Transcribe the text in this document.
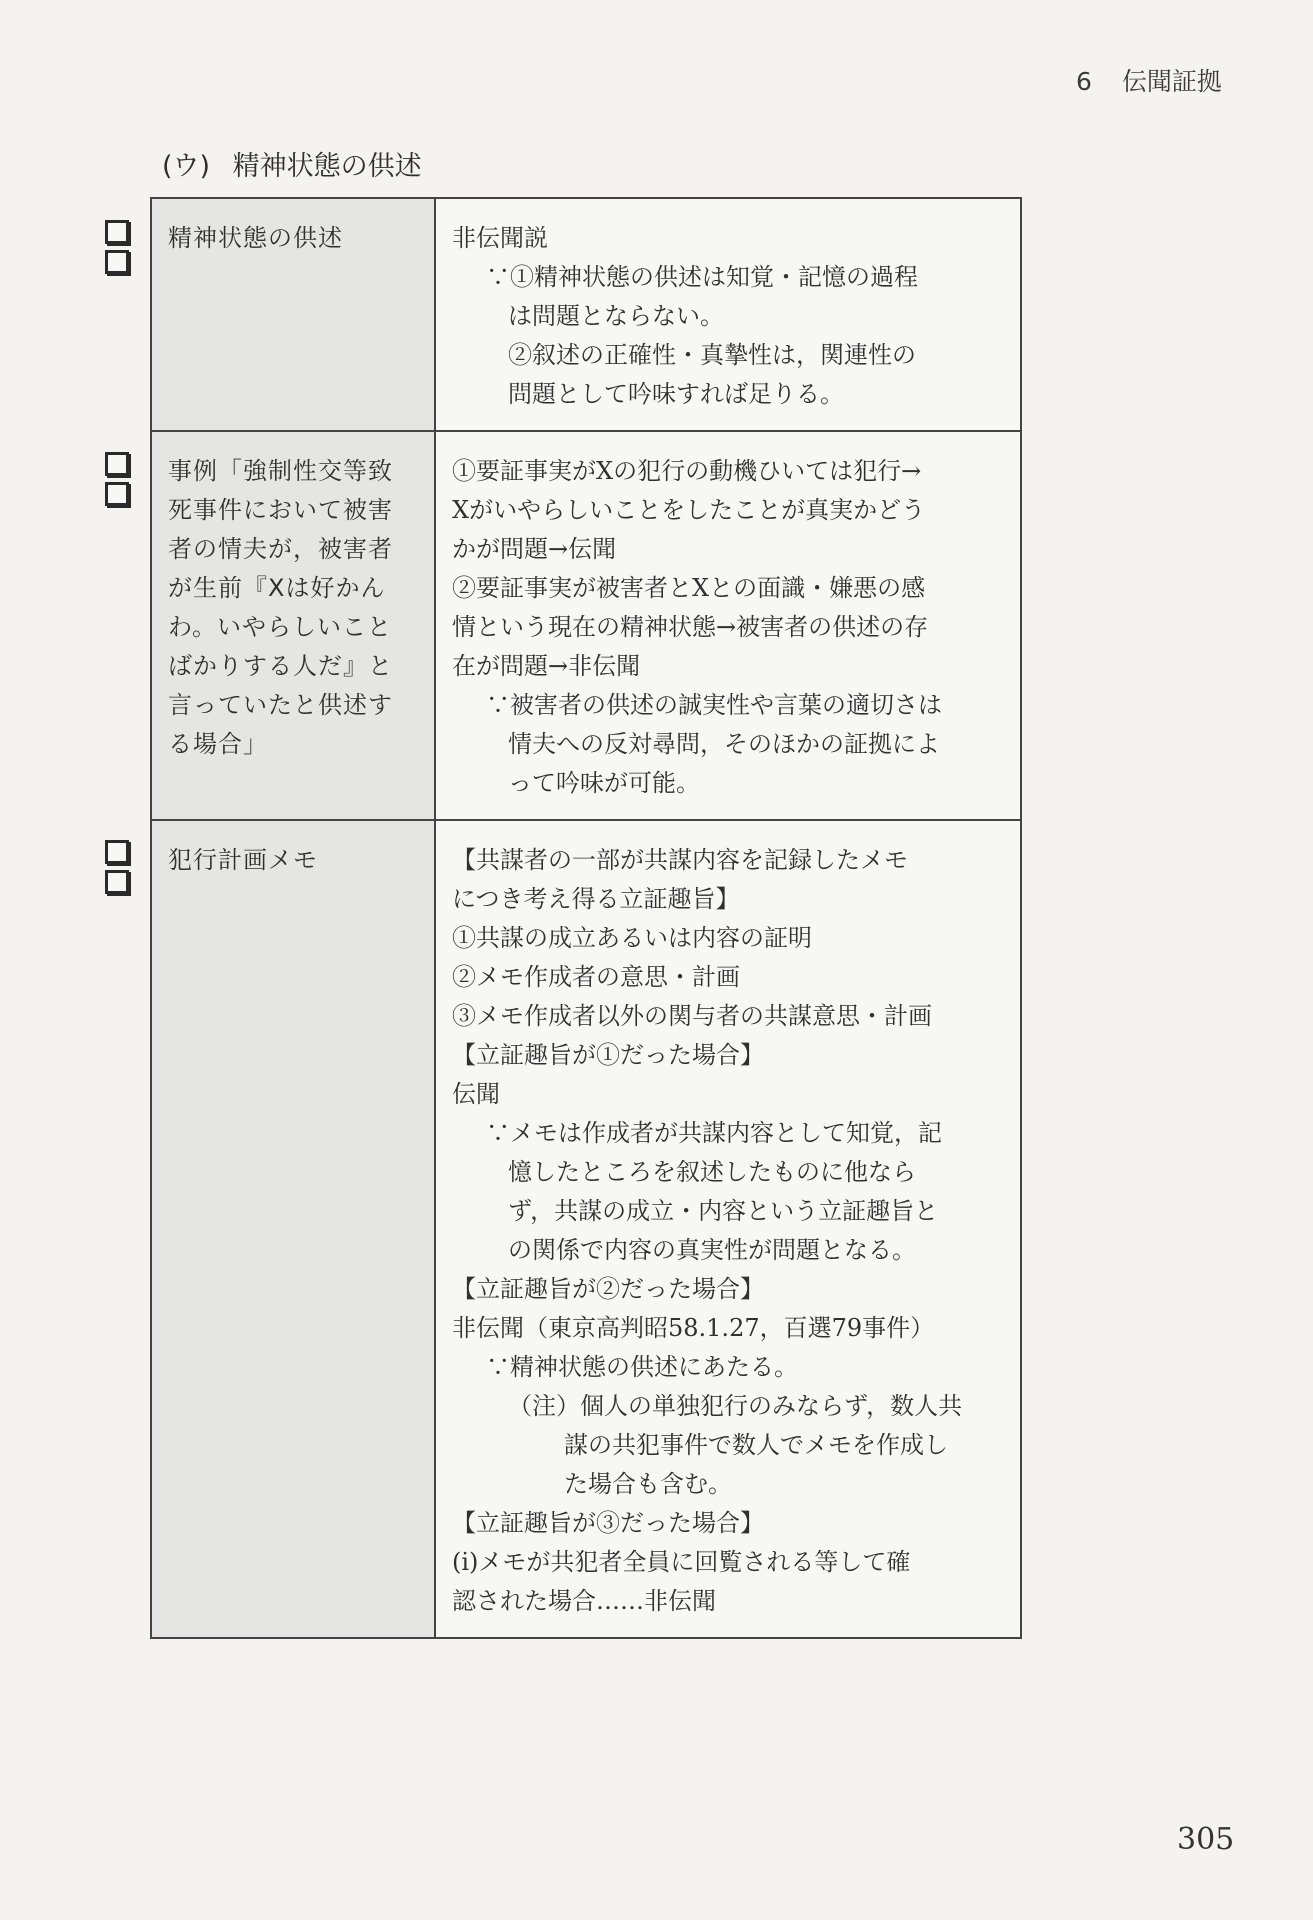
6 伝聞証拠
(ウ) 精神状態の供述
精神状態の供述	非伝聞説
∵①精神状態の供述は知覚・記憶の過程
は問題とならない。
②叙述の正確性・真摯性は，関連性の
問題として吟味すれば足りる。
事例「強制性交等致
死事件において被害
者の情夫が，被害者
が生前『Xは好かん
わ。いやらしいこと
ばかりする人だ』と
言っていたと供述す
る場合」
①要証事実がXの犯行の動機ひいては犯行→
Xがいやらしいことをしたことが真実かどう
かが問題→伝聞
②要証事実が被害者とXとの面識・嫌悪の感
情という現在の精神状態→被害者の供述の存
在が問題→非伝聞
∵被害者の供述の誠実性や言葉の適切さは
情夫への反対尋問，そのほかの証拠によ
って吟味が可能。
犯行計画メモ	【共謀者の一部が共謀内容を記録したメモ
につき考え得る立証趣旨】
①共謀の成立あるいは内容の証明
②メモ作成者の意思・計画
③メモ作成者以外の関与者の共謀意思・計画
【立証趣旨が①だった場合】
伝聞
∵メモは作成者が共謀内容として知覚，記
憶したところを叙述したものに他なら
ず，共謀の成立・内容という立証趣旨と
の関係で内容の真実性が問題となる。
【立証趣旨が②だった場合】
非伝聞（東京高判昭58.1.27，百選79事件）
∵精神状態の供述にあたる。
（注）個人の単独犯行のみならず，数人共
謀の共犯事件で数人でメモを作成し
た場合も含む。
【立証趣旨が③だった場合】
(ⅰ)メモが共犯者全員に回覧される等して確
認された場合……非伝聞
305
